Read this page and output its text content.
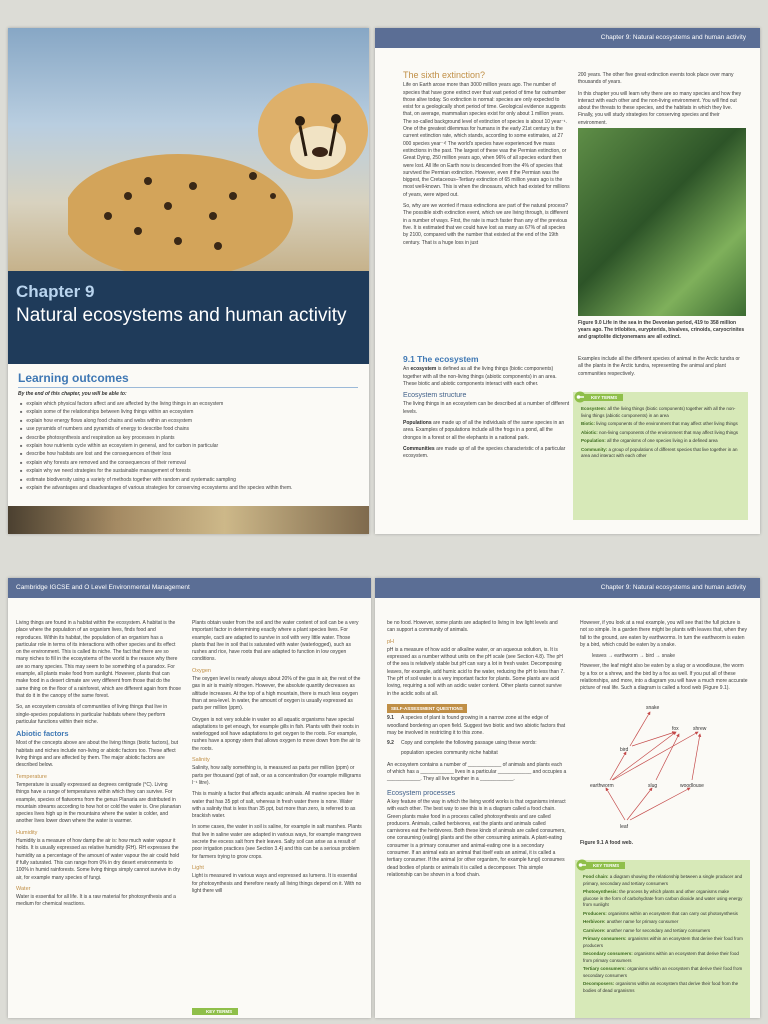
Chapter 9
Natural ecosystems and human activity
Learning outcomes
By the end of this chapter, you will be able to:
■ explain which physical factors affect and are affected by the living things in an ecosystem
■ explain some of the relationships between living things within an ecosystem
■ explain how energy flows along food chains and webs within an ecosystem
■ use pyramids of numbers and pyramids of energy to describe food chains
■ describe photosynthesis and respiration as key processes in plants
■ explain how nutrients cycle within an ecosystem in general, and for carbon in particular
■ describe how habitats are lost and the consequences of their loss
■ explain why forests are removed and the consequences of their removal
■ explain why we need strategies for the sustainable management of forests
■ estimate biodiversity using a variety of methods together with random and systematic sampling
■ explain the advantages and disadvantages of various strategies for conserving ecosystems and the species within them.
Chapter 9: Natural ecosystems and human activity
The sixth extinction?

Life on Earth arose more than 3000 million years ago. The number of species that have gone extinct over that vast period of time far outnumber those alive today. So extinction is normal: species are only expected to exist for a geologically short period of time. Geological evidence suggests that, on average, mammalian species exist for only about 1 million years. The so-called background level of extinction of species is about 10 year⁻¹. One of the greatest dilemmas for humans in the early 21st century is the current extinction rate, which stands, according to some estimates, at 27 000 species year⁻¹! The world's species have experienced five mass extinctions in the past. The largest of these was the Permian extinction, or Great Dying, 250 million years ago, when 96% of all species extant then were lost. All life on Earth now is descended from the 4% of species that survived the Permian extinction. However, even if the Permian was the biggest, the Cretaceous–Tertiary extinction of 65 million years ago is the most well-known. This is when the dinosaurs, which had existed for millions of years, were wiped out.

So, why are we worried if mass extinctions are part of the natural process? The possible sixth extinction event, which we are living through, is different in a number of ways. First, the rate is much faster than any of the previous five. It is estimated that we could have lost as many as 67% of all species by 2100, compared with the number that existed at the end of the 19th century. That is a huge loss in just

200 years. The other five great extinction events took place over many thousands of years.

In this chapter you will learn why there are so many species and how they interact with each other and the non-living environment. You will find out about the threats to these species, and the habitats in which they live. Finally, you will study strategies for conserving species and their environment.

Figure 9.0 Life in the sea in the Devonian period, 419 to 358 million years ago. The trilobites, eurypterids, bivalves, crinoids, caryocrinites and graptolite dictyonemans are all extinct.
9.1 The ecosystem

An ecosystem is defined as all the living things (biotic components) together with all the non-living things (abiotic components) in an area. These biotic and abiotic components interact with each other.

Ecosystem structure

The living things in an ecosystem can be described at a number of different levels.

Populations are made up of all the individuals of the same species in an area. Examples of populations include all the frogs in a pond, all the drongos in a forest or all the elephants in a national park.

Communities are made up of all the species characteristic of a particular ecosystem.

Examples include all the different species of animal in the Arctic tundra or all the plants in the Arctic tundra, representing the animal and plant communities respectively.

Ecosystem: all the living things (biotic components) together with all the non-living things (abiotic components) in an area
Biotic: living components of the environment that may affect other living things
Abiotic: non-living components of the environment that may affect living things
Population: all the organisms of one species living in a defined area
Community: a group of populations of different species that live together in an area and interact with each other
KEY TERMS
Cambridge IGCSE and O Level Environmental Management

Living things are found in a habitat within the ecosystem. A habitat is the place where the population of an organism lives, finds food and reproduces. Within its habitat, the population of an organism has a particular role in terms of its interactions with other species and its effect on the environment. This is called its niche. The fact that there are so many niches to fill in the ecosystems of the world is the reason why there are so many species. This may seem to be something of a paradox. For example, all plants make food from sunlight. However, plants that can make food in a desert climate are very different from those that do the same thing on the floor of a rainforest, which are different again from those that do it in the canopy of the same forest.

So, an ecosystem consists of communities of living things that live in single-species populations in particular habitats where they perform particular functions within their niche.

Abiotic factors

Most of the concepts above are about the living things (biotic factors), but habitats and niches include non-living or abiotic factors too. These affect living things and are affected by them. The major abiotic factors are described below.

Temperature

Temperature is usually expressed as degrees centigrade (°C). Living things have a range of temperatures within which they can survive. For example, species of flatworms from the genus Planaria are distributed in mountain streams according to how hot or cold the water is. One planarian species lives high up in the mountains where the water is colder, and another lives lower down where the water is warmer.

Humidity

Humidity is a measure of how damp the air is: how much water vapour it holds. It is usually expressed as relative humidity (RH). RH expresses the humidity as a percentage of the amount of water vapour the air could hold if fully saturated. This can range from 0% in dry desert environments to 100% in humid rainforests. Some living things simply cannot survive in dry air, for example many species of fungi.

Water

Water is essential for all life. It is a raw material for photosynthesis and a medium for chemical reactions.

Plants obtain water from the soil and the water content of soil can be a very important factor in determining exactly where a plant species lives. For example, cacti are adapted to survive in soil with very little water. Those plants that live in soil that is saturated with water (waterlogged), such as rushes and rice, have roots that are adapted to function in low oxygen conditions.

Oxygen

The oxygen level is nearly always about 20% of the gas in air, the rest of the gas in air is mainly nitrogen. However, the absolute quantity decreases as altitude increases. At the top of a high mountain, there is much less oxygen than at sea-level. In water, the amount of oxygen is usually expressed as parts per million (ppm).

Oxygen is not very soluble in water so all aquatic organisms have special adaptations to get enough, for example gills in fish. Plants with their roots in waterlogged soil have adaptations to get oxygen to the roots. For example, rushes have a spongy stem that allows oxygen to move down from the air to the roots.

Salinity

Salinity, how salty something is, is measured as parts per million (ppm) or parts per thousand (ppt of salt, or as a concentration (for example milligrams l⁻¹ litre).

This is mainly a factor that affects aquatic animals. All marine species live in water that has 35 ppt of salt, whereas in fresh water there is none. Water with a salinity that is less than 35 ppt, but more than zero, is referred to as brackish water.

In some cases, the water in soil is saline, for example in salt marshes. Plants that live in saline water are adapted in various ways, for example mangroves secrete the excess salt from their leaves. Salty soil can arise as a result of poor irrigation practices (see Section 3.4) and this can be a serious problem for farmers trying to grow crops.

Light

Light is measured in various ways and expressed as lumens. It is essential for photosynthesis and therefore nearly all living things depend on it. With no light there will

KEY TERMS
Chapter 9: Natural ecosystems and human activity

be no food. However, some plants are adapted to living in low light levels and can support a community of animals.

pH

pH is a measure of how acid or alkaline water, or an aqueous solution, is. It is expressed as a number without units on the pH scale (see Section 4.8). The pH of the sea is relatively stable but pH can vary a lot in fresh water. Decomposing leaves, for example, add humic acid to the water, reducing the pH to less than 7. The pH of soil water is a very important factor for plants. Some plants are acid loving, requiring a soil with an acidic water content. Other plants cannot survive in the acidic soils at all.

SELF-ASSESSMENT QUESTIONS
9.1 A species of plant is found growing in a narrow zone at the edge of woodland bordering an open field. Suggest two biotic and two abiotic factors that may be involved in restricting it to this zone.
9.2 Copy and complete the following passage using these words:

population species community niche habitat

An ecosystem contains a number of ____________ of animals and plants each of which has a ____________ lives in a particular ____________ and occupies a ____________. They all live together in a ____________.

Ecosystem processes

A key feature of the way in which the living world works is that organisms interact with each other. The best way to see this is in a diagram called a food chain. Green plants make food in a process called photosynthesis and are called producers. Animals, called herbivores, eat the plants and animals called carnivores eat the herbivores. Both these kinds of animals are called consumers, one consuming (eating) plants and the other consuming animals. A plant-eating consumer is a primary consumer and animal-eating one is a secondary consumer. If an animal eats an animal that itself eats an animal, it is called a tertiary consumer. If the animal (or other organism, for example fungi) consumes dead bodies of plants or animals it is called a decomposer. This simple relationship can be shown in a food chain.

However, if you look at a real example, you will see that the full picture is not so simple. In a garden there might be plants with leaves that, when they fall to the ground, are eaten by earthworms. In turn the earthworm is eaten by a bird, which could be eaten by a snake.

leaves → earthworm → bird → snake

However, the leaf might also be eaten by a slug or a woodlouse, the worm by a fox or a shrew, and the bird by a fox as well. If you put all of these relationships, and more, into a diagram you will have a much more accurate picture of real life. Such a diagram is called a food web (Figure 9.1).

snake
fox	shrew
bird
earthworm	slug	woodlouse
leaf
Figure 9.1 A food web.
Food chain: a diagram showing the relationship between a single producer and primary, secondary and tertiary consumers
Photosynthesis: the process by which plants and other organisms make glucose in the form of carbohydrate from carbon dioxide and water using energy from sunlight
Producers: organisms within an ecosystem that can carry out photosynthesis
Herbivore: another name for primary consumer
Carnivore: another name for secondary and tertiary consumers
Primary consumers: organisms within an ecosystem that derive their food from producers
Secondary consumers: organisms within an ecosystem that derive their food from primary consumers
Tertiary consumers: organisms within an ecosystem that derive their food from secondary consumers
Decomposers: organisms within an ecosystem that derive their food from the bodies of dead organisms
KEY TERMS
